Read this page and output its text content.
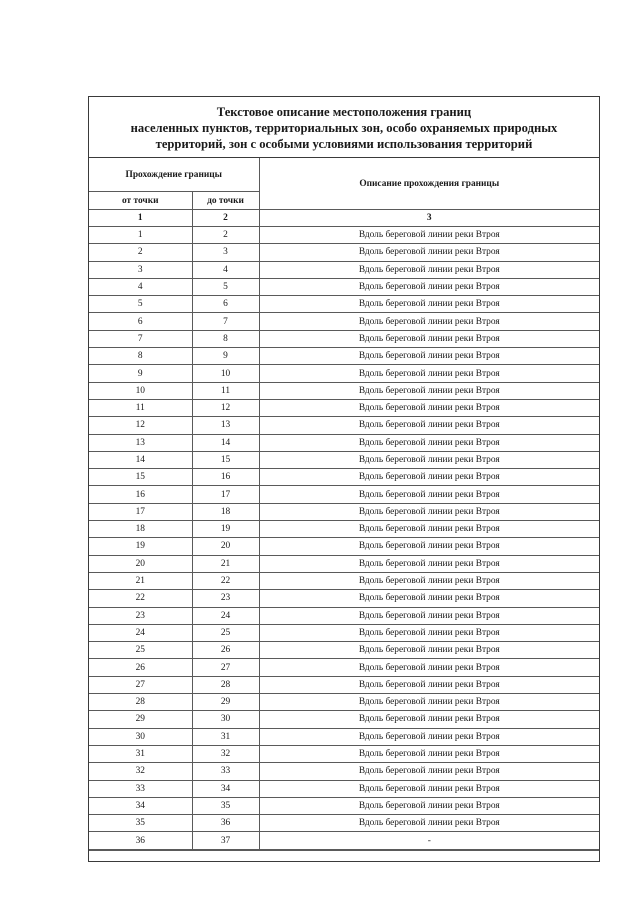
Текстовое описание местоположения границ
населенных пунктов, территориальных зон, особо охраняемых природных
территорий, зон с особыми условиями использования территорий
Прохождение границы		Описание прохождения границы
от точки	до точки	
1	2	3
1	2	Вдоль береговой линии реки Втроя
2	3	Вдоль береговой линии реки Втроя
3	4	Вдоль береговой линии реки Втроя
4	5	Вдоль береговой линии реки Втроя
5	6	Вдоль береговой линии реки Втроя
6	7	Вдоль береговой линии реки Втроя
7	8	Вдоль береговой линии реки Втроя
8	9	Вдоль береговой линии реки Втроя
9	10	Вдоль береговой линии реки Втроя
10	11	Вдоль береговой линии реки Втроя
11	12	Вдоль береговой линии реки Втроя
12	13	Вдоль береговой линии реки Втроя
13	14	Вдоль береговой линии реки Втроя
14	15	Вдоль береговой линии реки Втроя
15	16	Вдоль береговой линии реки Втроя
16	17	Вдоль береговой линии реки Втроя
17	18	Вдоль береговой линии реки Втроя
18	19	Вдоль береговой линии реки Втроя
19	20	Вдоль береговой линии реки Втроя
20	21	Вдоль береговой линии реки Втроя
21	22	Вдоль береговой линии реки Втроя
22	23	Вдоль береговой линии реки Втроя
23	24	Вдоль береговой линии реки Втроя
24	25	Вдоль береговой линии реки Втроя
25	26	Вдоль береговой линии реки Втроя
26	27	Вдоль береговой линии реки Втроя
27	28	Вдоль береговой линии реки Втроя
28	29	Вдоль береговой линии реки Втроя
29	30	Вдоль береговой линии реки Втроя
30	31	Вдоль береговой линии реки Втроя
31	32	Вдоль береговой линии реки Втроя
32	33	Вдоль береговой линии реки Втроя
33	34	Вдоль береговой линии реки Втроя
34	35	Вдоль береговой линии реки Втроя
35	36	Вдоль береговой линии реки Втроя
36	37	-
